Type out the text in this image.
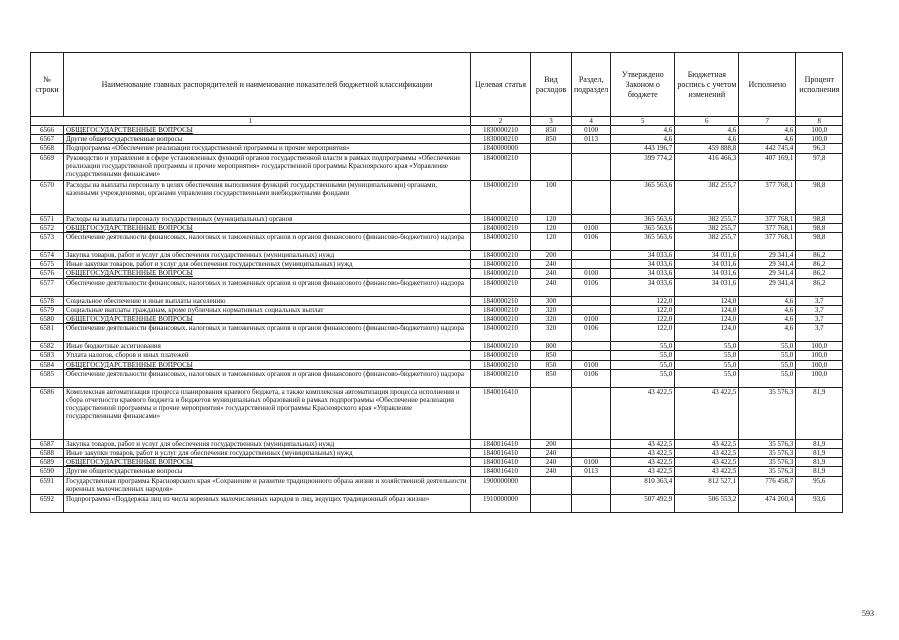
№ строки	Наименование главных распорядителей и наименование показателей бюджетной классификации	Целевая статья	Вид расходов	Раздел, подраздел	Утверждено Законом о бюджете	Бюджетная роспись с учетом изменений	Исполнено	Процент исполнения
1		2	3	4	5	6	7	8
6566	ОБЩЕГОСУДАРСТВЕННЫЕ ВОПРОСЫ	1830000210	850	0100	4,6	4,6	4,6	100,0
6567	Другие общегосударственные вопросы	1830000210	850	0113	4,6	4,6	4,6	100,0
6568	Подпрограмма «Обеспечение реализации государственной программы и прочие мероприятия»	1840000000			443 196,7	459 888,8	442 745,4	96,3
6569	Руководство и управление в сфере установленных функций органов государственной власти в рамках подпрограммы «Обеспечение реализации государственной программы и прочие мероприятия» государственной программы Красноярского края «Управление государственными финансами»	1840000210			399 774,2	416 466,3	407 169,1	97,8
6570	Расходы на выплаты персоналу в целях обеспечения выполнения функций государственными (муниципальными) органами, казенными учреждениями, органами управления государственными внебюджетными фондами	1840000210	100		365 563,6	382 255,7	377 768,1	98,8
6571	Расходы на выплаты персоналу государственных (муниципальных) органов	1840000210	120		365 563,6	382 255,7	377 768,1	98,8
6572	ОБЩЕГОСУДАРСТВЕННЫЕ ВОПРОСЫ	1840000210	120	0100	365 563,6	382 255,7	377 768,1	98,8
6573	Обеспечение деятельности финансовых, налоговых и таможенных органов и органов финансового (финансово-бюджетного) надзора	1840000210	120	0106	365 563,6	382 255,7	377 768,1	98,8
6574	Закупка товаров, работ и услуг для обеспечения государственных (муниципальных) нужд	1840000210	200		34 033,6	34 031,6	29 341,4	86,2
6575	Иные закупки товаров, работ и услуг для обеспечения государственных (муниципальных) нужд	1840000210	240		34 033,6	34 031,6	29 341,4	86,2
6576	ОБЩЕГОСУДАРСТВЕННЫЕ ВОПРОСЫ	1840000210	240	0100	34 033,6	34 031,6	29 341,4	86,2
6577	Обеспечение деятельности финансовых, налоговых и таможенных органов и органов финансового (финансово-бюджетного) надзора	1840000210	240	0106	34 033,6	34 031,6	29 341,4	86,2
6578	Социальное обеспечение и иные выплаты населению	1840000210	300		122,0	124,0	4,6	3,7
6579	Социальные выплаты гражданам, кроме публичных нормативных социальных выплат	1840000210	320		122,0	124,0	4,6	3,7
6580	ОБЩЕГОСУДАРСТВЕННЫЕ ВОПРОСЫ	1840000210	320	0100	122,0	124,0	4,6	3,7
6581	Обеспечение деятельности финансовых, налоговых и таможенных органов и органов финансового (финансово-бюджетного) надзора	1840000210	320	0106	122,0	124,0	4,6	3,7
6582	Иные бюджетные ассигнования	1840000210	800		55,0	55,0	55,0	100,0
6583	Уплата налогов, сборов и иных платежей	1840000210	850		55,0	55,0	55,0	100,0
6584	ОБЩЕГОСУДАРСТВЕННЫЕ ВОПРОСЫ	1840000210	850	0100	55,0	55,0	55,0	100,0
6585	Обеспечение деятельности финансовых, налоговых и таможенных органов и органов финансового (финансово-бюджетного) надзора	1840000210	850	0106	55,0	55,0	55,0	100,0
6586	Комплексная автоматизация процесса планирования краевого бюджета, а также комплексная автоматизация процесса исполнения и сбора отчетности краевого бюджета и бюджетов муниципальных образований в рамках подпрограммы «Обеспечение реализации государственной программы и прочие мероприятия» государственной программы Красноярского края «Управление государственными финансами»	1840016410			43 422,5	43 422,5	35 576,3	81,9
6587	Закупка товаров, работ и услуг для обеспечения государственных (муниципальных) нужд	1840016410	200		43 422,5	43 422,5	35 576,3	81,9
6588	Иные закупки товаров, работ и услуг для обеспечения государственных (муниципальных) нужд	1840016410	240		43 422,5	43 422,5	35 576,3	81,9
6589	ОБЩЕГОСУДАРСТВЕННЫЕ ВОПРОСЫ	1840016410	240	0100	43 422,5	43 422,5	35 576,3	81,9
6590	Другие общегосударственные вопросы	1840016410	240	0113	43 422,5	43 422,5	35 576,3	81,9
6591	Государственная программа Красноярского края «Сохранение и развитие традиционного образа жизни и хозяйственной деятельности коренных малочисленных народов»	1900000000			810 363,4	812 527,1	776 458,7	95,6
6592	Подпрограмма «Поддержка лиц из числа коренных малочисленных народов и лиц, ведущих традиционный образ жизни»	1910000000			507 492,9	506 553,2	474 260,4	93,6
593
